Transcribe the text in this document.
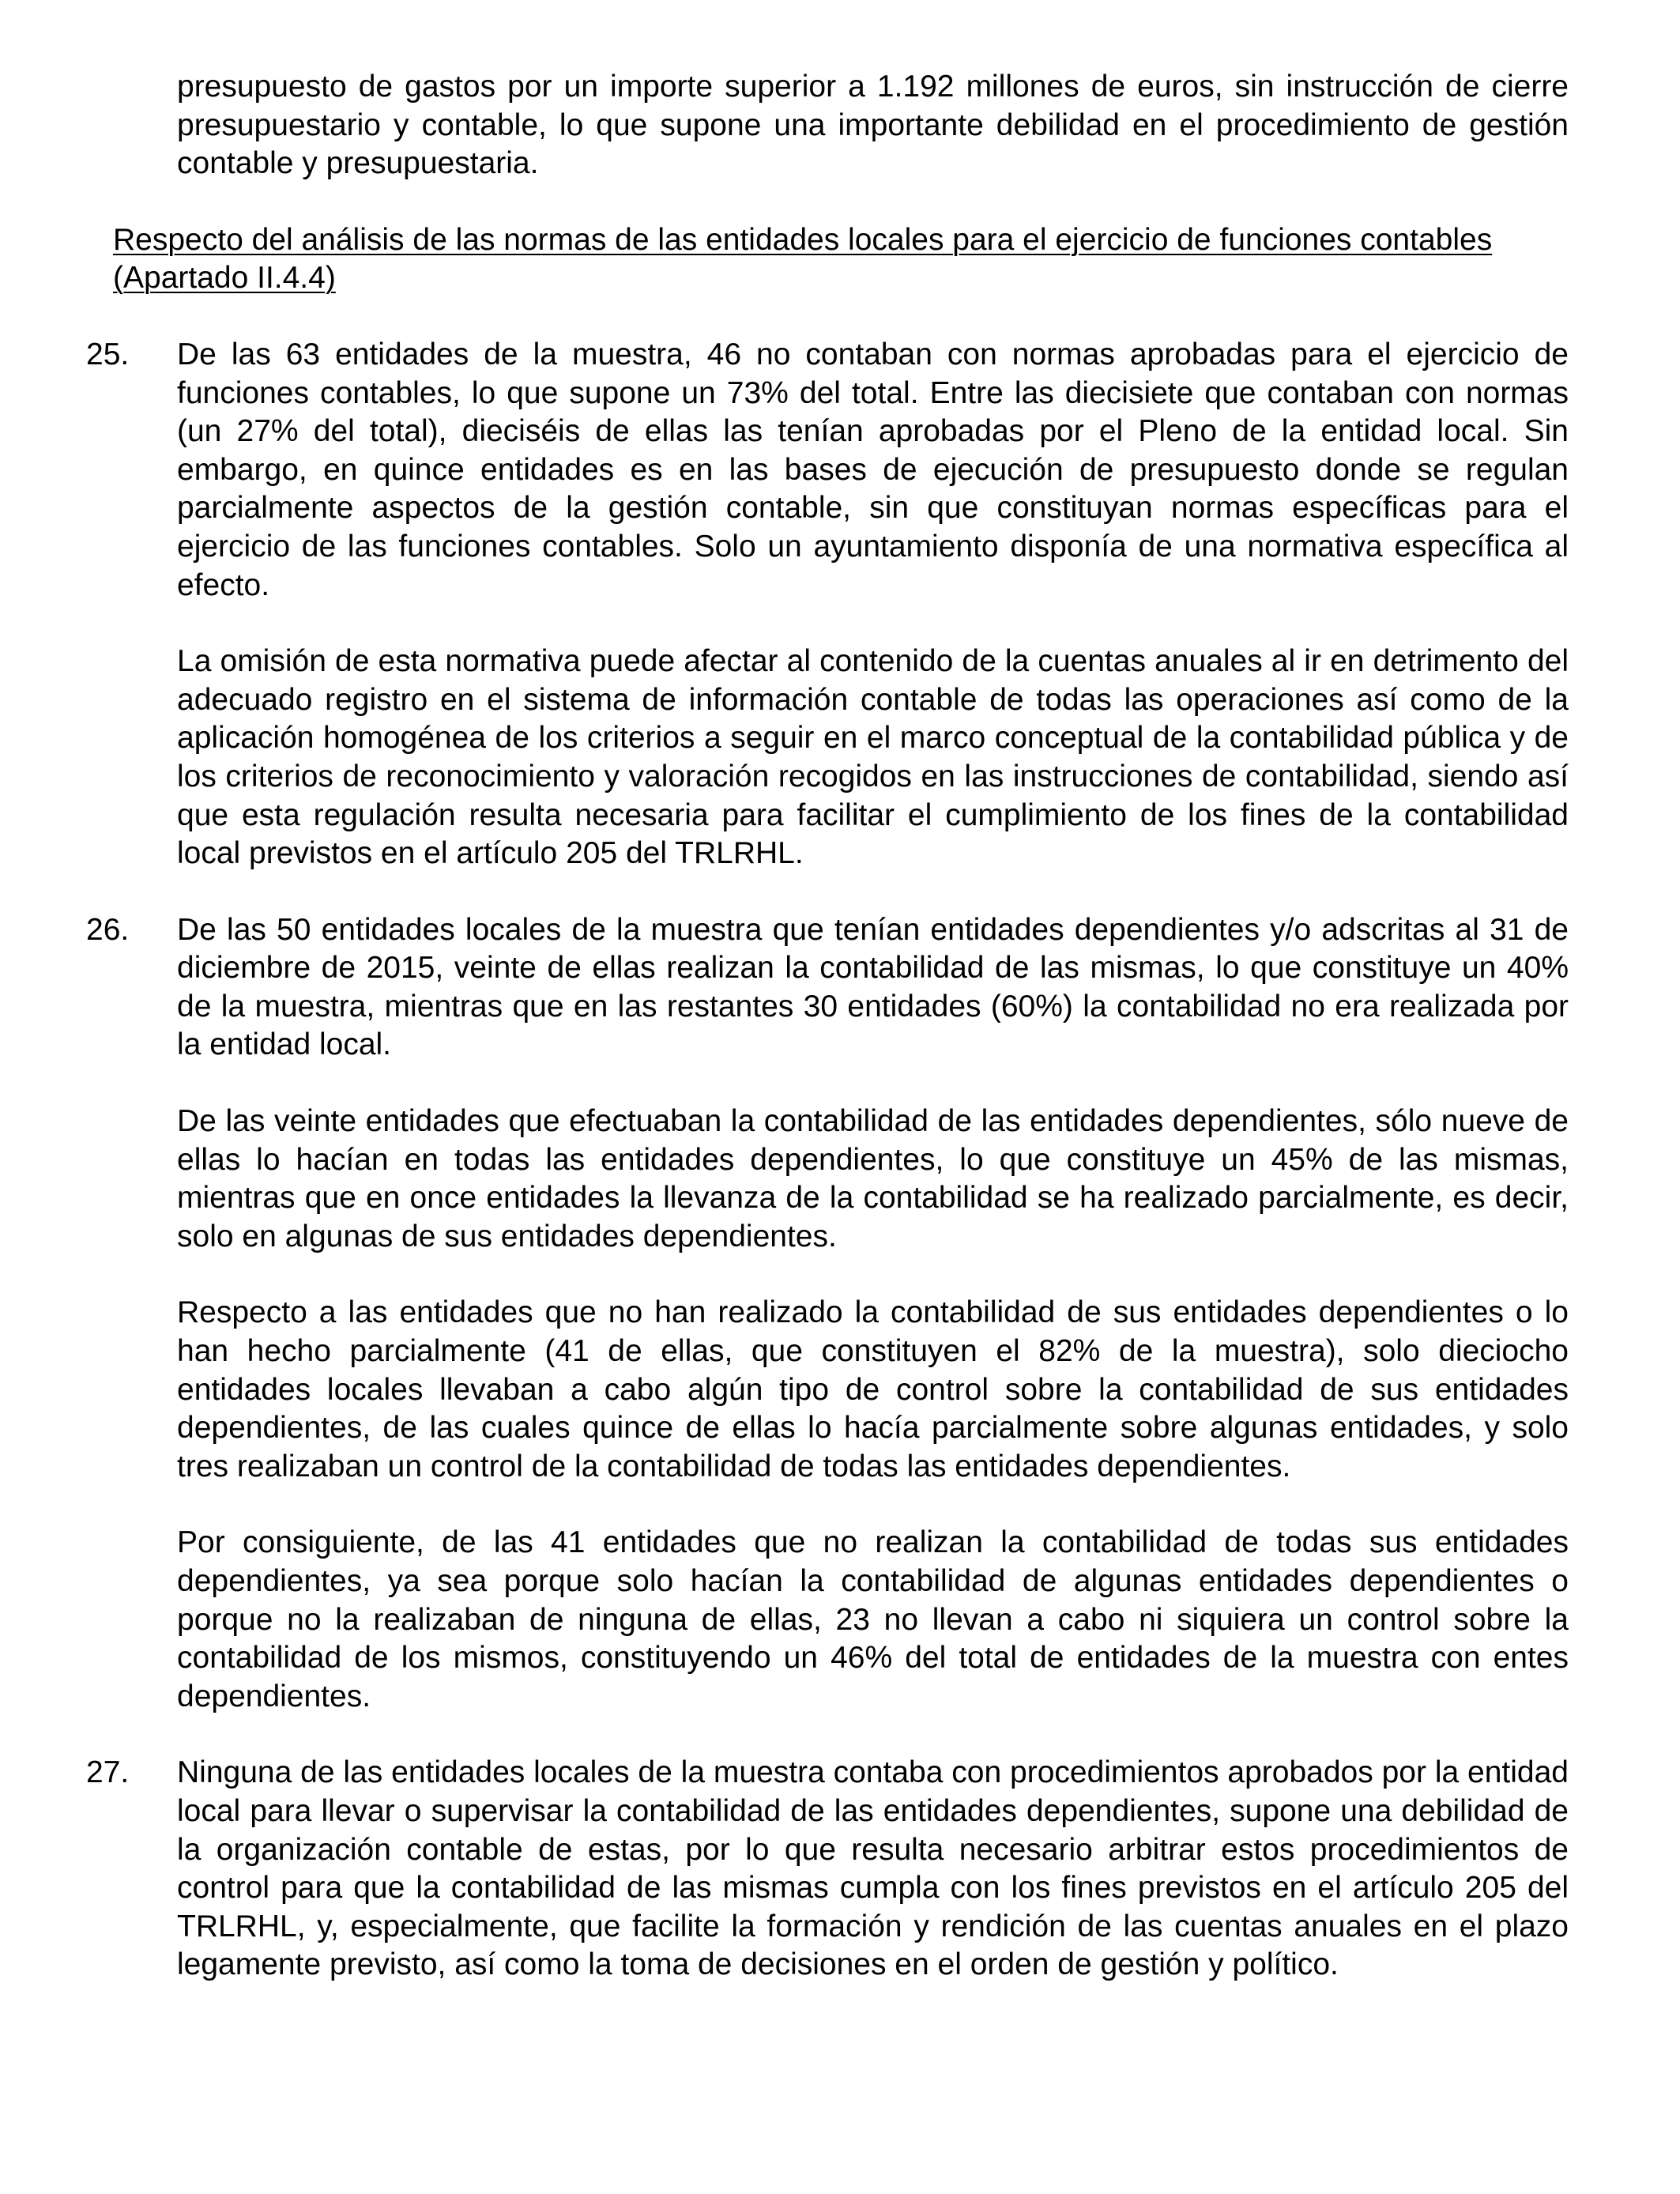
presupuesto de gastos por un importe superior a 1.192 millones de euros, sin instrucción de cierre presupuestario y contable, lo que supone una importante debilidad en el procedimiento de gestión contable y presupuestaria.

Respecto del análisis de las normas de las entidades locales para el ejercicio de funciones contables (Apartado II.4.4)

25.	De las 63 entidades de la muestra, 46 no contaban con normas aprobadas para el ejercicio de funciones contables, lo que supone un 73% del total. Entre las diecisiete que contaban con normas (un 27% del total), dieciséis de ellas las tenían aprobadas por el Pleno de la entidad local. Sin embargo, en quince entidades es en las bases de ejecución de presupuesto donde se regulan parcialmente aspectos de la gestión contable, sin que constituyan normas específicas para el ejercicio de las funciones contables. Solo un ayuntamiento disponía de una normativa específica al efecto.

La omisión de esta normativa puede afectar al contenido de la cuentas anuales al ir en detrimento del adecuado registro en el sistema de información contable de todas las operaciones así como de la aplicación homogénea de los criterios a seguir en el marco conceptual de la contabilidad pública y de los criterios de reconocimiento y valoración recogidos en las instrucciones de contabilidad, siendo así que esta regulación resulta necesaria para facilitar el cumplimiento de los fines de la contabilidad local previstos en el artículo 205 del TRLRHL.

26.	De las 50 entidades locales de la muestra que tenían entidades dependientes y/o adscritas al 31 de diciembre de 2015, veinte de ellas realizan la contabilidad de las mismas, lo que constituye un 40% de la muestra, mientras que en las restantes 30 entidades (60%) la contabilidad no era realizada por la entidad local.

De las veinte entidades que efectuaban la contabilidad de las entidades dependientes, sólo nueve de ellas lo hacían en todas las entidades dependientes, lo que constituye un 45% de las mismas, mientras que en once entidades la llevanza de la contabilidad se ha realizado parcialmente, es decir, solo en algunas de sus entidades dependientes.

Respecto a las entidades que no han realizado la contabilidad de sus entidades dependientes o lo han hecho parcialmente (41 de ellas, que constituyen el 82% de la muestra), solo dieciocho entidades locales llevaban a cabo algún tipo de control sobre la contabilidad de sus entidades dependientes, de las cuales quince de ellas lo hacía parcialmente sobre algunas entidades, y solo tres realizaban un control de la contabilidad de todas las entidades dependientes.

Por consiguiente, de las 41 entidades que no realizan la contabilidad de todas sus entidades dependientes, ya sea porque solo hacían la contabilidad de algunas entidades dependientes o porque no la realizaban de ninguna de ellas, 23 no llevan a cabo ni siquiera un control sobre la contabilidad de los mismos, constituyendo un 46% del total de entidades de la muestra con entes dependientes.

27.	Ninguna de las entidades locales de la muestra contaba con procedimientos aprobados por la entidad local para llevar o supervisar la contabilidad de las entidades dependientes, supone una debilidad de la organización contable de estas, por lo que resulta necesario arbitrar estos procedimientos de control para que la contabilidad de las mismas cumpla con los fines previstos en el artículo 205 del TRLRHL, y, especialmente, que facilite la formación y rendición de las cuentas anuales en el plazo legamente previsto, así como la toma de decisiones en el orden de gestión y político.
